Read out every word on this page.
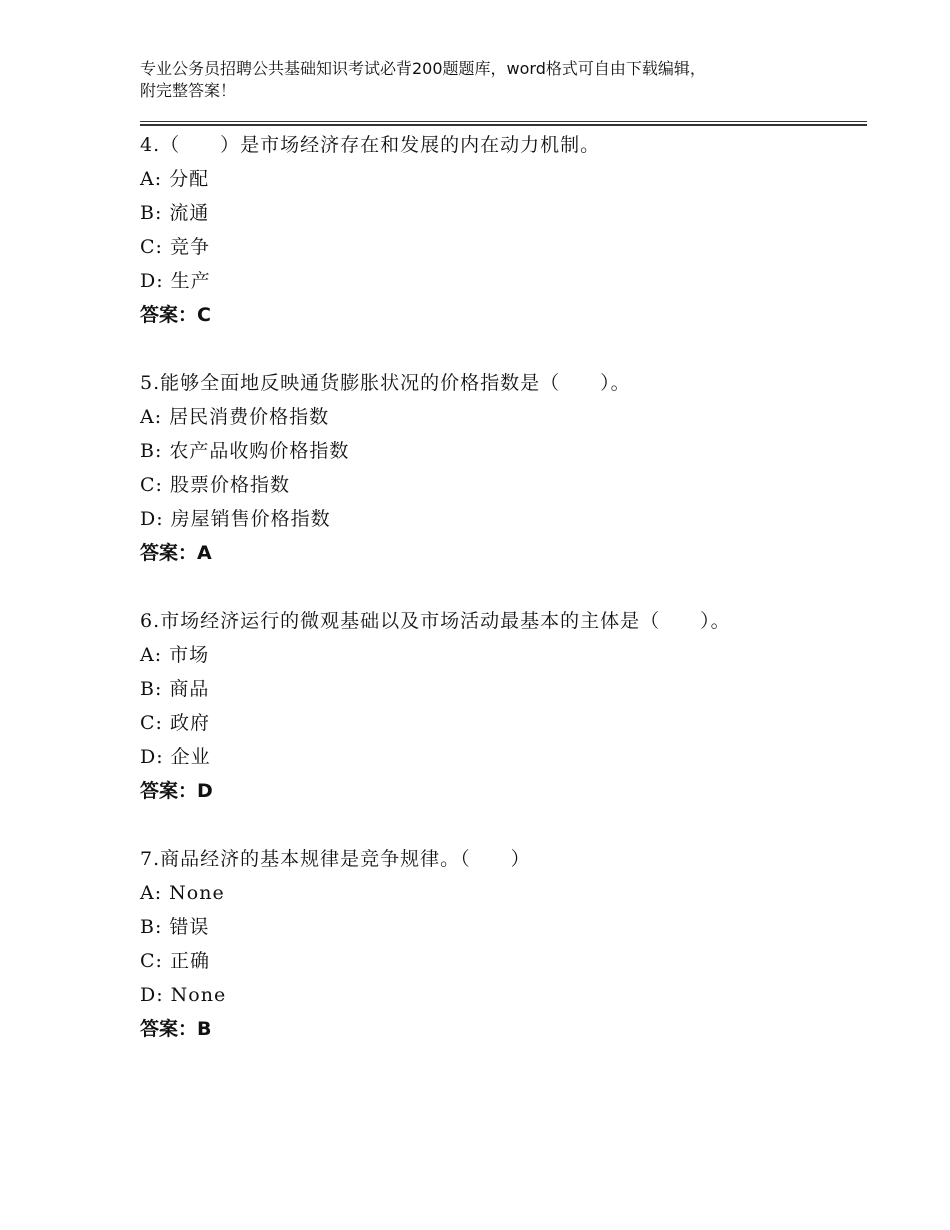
专业公务员招聘公共基础知识考试必背200题题库，word格式可自由下载编辑，
附完整答案！
4.（　　）是市场经济存在和发展的内在动力机制。
A: 分配
B: 流通
C: 竞争
D: 生产
答案：C
5.能够全面地反映通货膨胀状况的价格指数是（　　）。
A: 居民消费价格指数
B: 农产品收购价格指数
C: 股票价格指数
D: 房屋销售价格指数
答案：A
6.市场经济运行的微观基础以及市场活动最基本的主体是（　　）。
A: 市场
B: 商品
C: 政府
D: 企业
答案：D
7.商品经济的基本规律是竞争规律。（　　）
A: None
B: 错误
C: 正确
D: None
答案：B
